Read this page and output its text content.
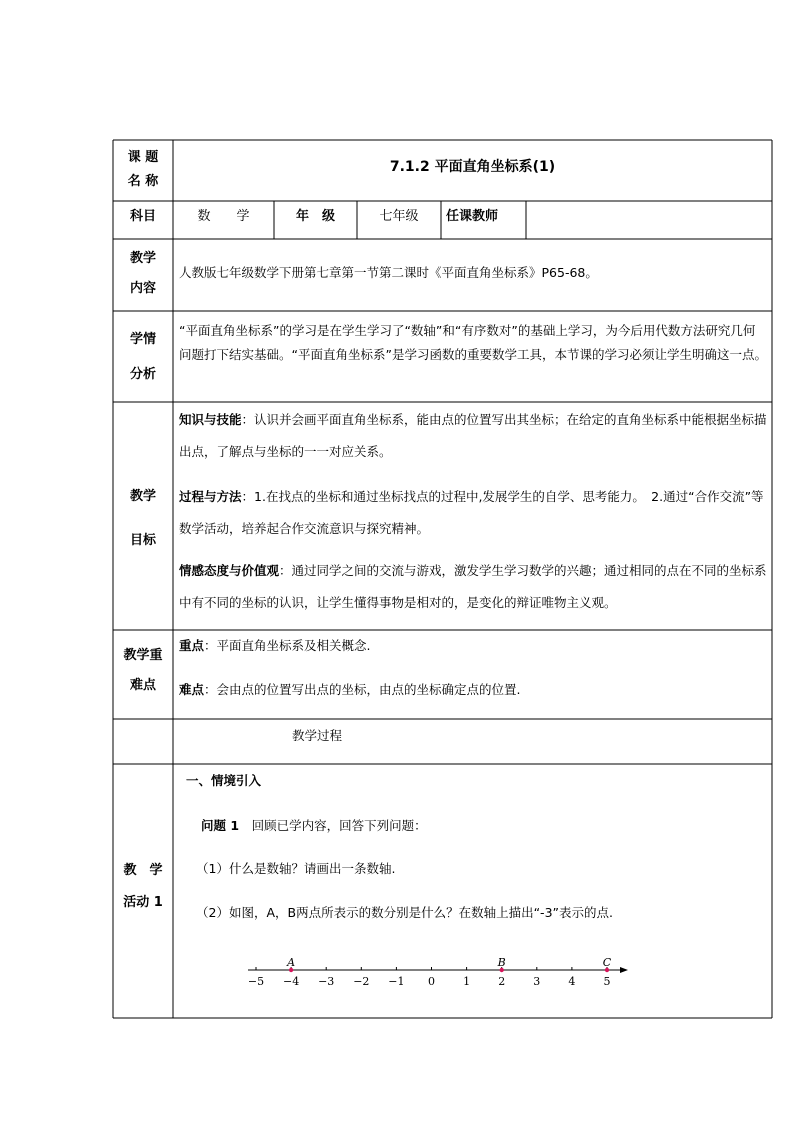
课 题
名 称
7.1.2 平面直角坐标系(1)
科目	数　　学	年　级	七年级	任课教师
教学
内容
人教版七年级数学下册第七章第一节第二课时《平面直角坐标系》P65-68。
学情
分析
“平面直角坐标系”的学习是在学生学习了“数轴”和“有序数对”的基础上学习，为今后用代数方法研究几何问题打下结实基础。“平面直角坐标系”是学习函数的重要数学工具，本节课的学习必须让学生明确这一点。
教学
目标
知识与技能：认识并会画平面直角坐标系，能由点的位置写出其坐标；在给定的直角坐标系中能根据坐标描出点，了解点与坐标的一一对应关系。
过程与方法：1.在找点的坐标和通过坐标找点的过程中,发展学生的自学、思考能力。　2.通过“合作交流”等数学活动，培养起合作交流意识与探究精神。
情感态度与价值观：通过同学之间的交流与游戏，激发学生学习数学的兴趣；通过相同的点在不同的坐标系中有不同的坐标的认识，让学生懂得事物是相对的，是变化的辩证唯物主义观。
教学重
难点
重点：平面直角坐标系及相关概念.
难点：会由点的位置写出点的坐标，由点的坐标确定点的位置.
教学过程
教　学
活动 1
一、情境引入
问题 1　回顾已学内容，回答下列问题：
（1）什么是数轴？请画出一条数轴.
（2）如图，A，B两点所表示的数分别是什么？在数轴上描出“-3”表示的点.
−5 −4 −3 −2 −1 0	1	2	3	4	5
A	B	C
